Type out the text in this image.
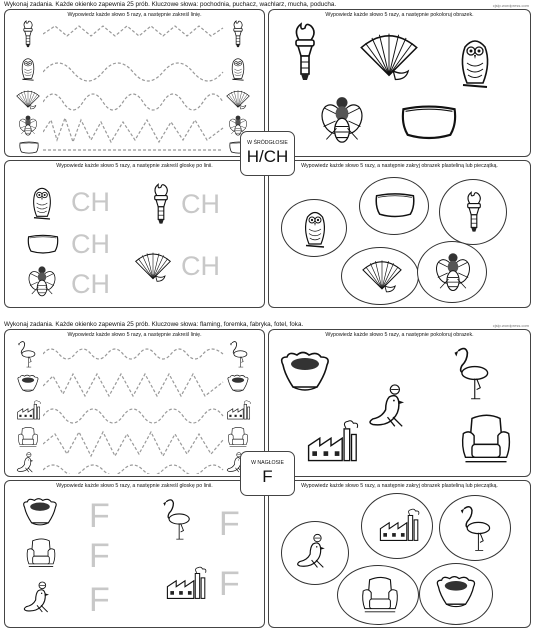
Wykonaj zadania. Każde okienko zapewnia 25 prób. Kluczowe słowa: pochodnia, puchacz, wachlarz, mucha, poducha.	cjslp.wordpress.com
Wypowiedz każde słowo 5 razy, a następnie zakreśl linię.	Wypowiedz każde słowo 5 razy, a następnie pokoloruj obrazek.
Wypowiedz każde słowo 5 razy, a następnie zakreśl głoskę po linii.
CH	CH
CH
CH
CH
Wypowiedz każde słowo 5 razy, a następnie zakryj obrazek plasteliną lub pieczątką.
W ŚRÓDGŁOSIE
H/CH
Wykonaj zadania. Każde okienko zapewnia 25 prób. Kluczowe słowa: flaming, foremka, fabryka, fotel, foka.	cjslp.wordpress.com
Wypowiedz każde słowo 5 razy, a następnie zakreśl linię.	Wypowiedz każde słowo 5 razy, a następnie pokoloruj obrazek.
Wypowiedz każde słowo 5 razy, a następnie zakreśl głoskę po linii.
F	F
F
F
F
Wypowiedz każde słowo 5 razy, a następnie zakryj obrazek plasteliną lub pieczątką.
W NAGŁOSIE
F
